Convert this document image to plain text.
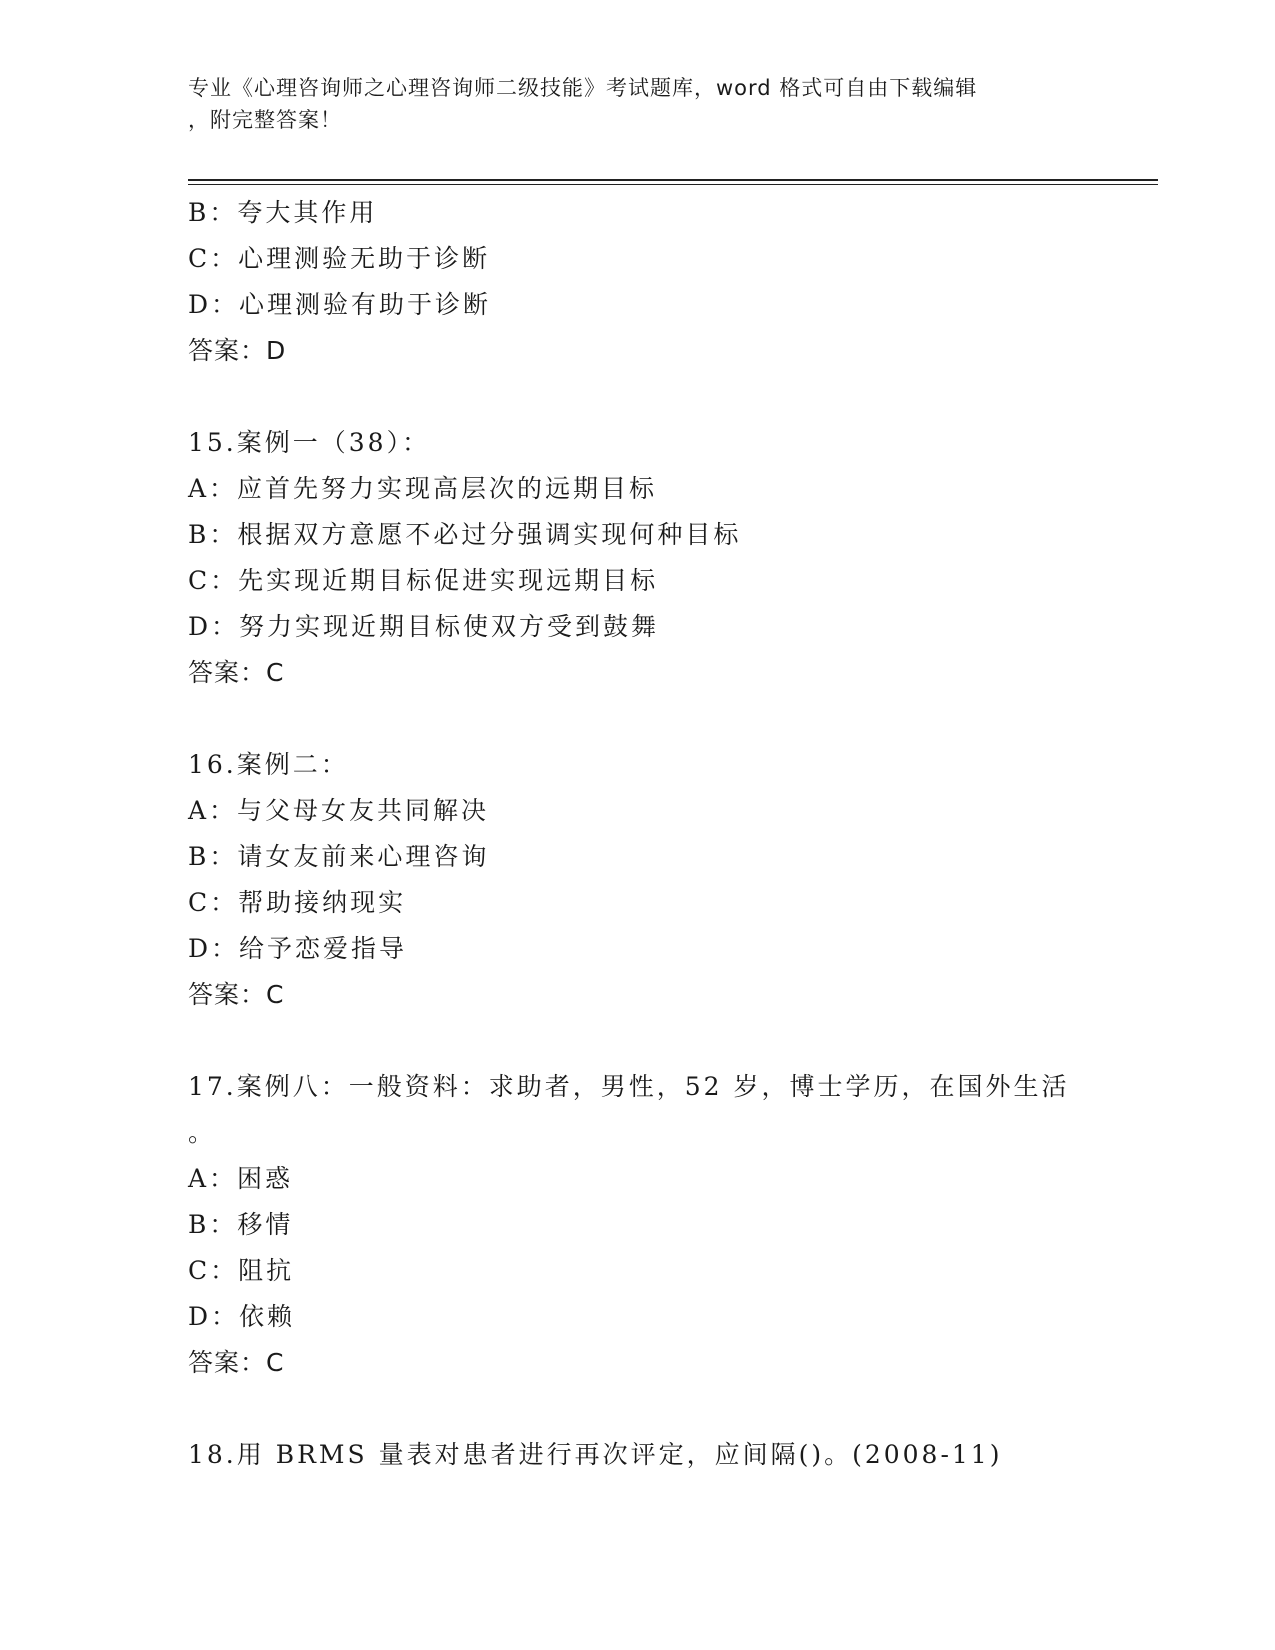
专业《心理咨询师之心理咨询师二级技能》考试题库，word 格式可自由下载编辑
，附完整答案！
B：夸大其作用
C：心理测验无助于诊断
D：心理测验有助于诊断
答案：D
15.案例一（38）：
A：应首先努力实现高层次的远期目标
B：根据双方意愿不必过分强调实现何种目标
C：先实现近期目标促进实现远期目标
D：努力实现近期目标使双方受到鼓舞
答案：C
16.案例二：
A：与父母女友共同解决
B：请女友前来心理咨询
C：帮助接纳现实
D：给予恋爱指导
答案：C
17.案例八：一般资料：求助者，男性，52 岁，博士学历，在国外生活
。
A：困惑
B：移情
C：阻抗
D：依赖
答案：C
18.用 BRMS 量表对患者进行再次评定，应间隔()。(2008-11)
